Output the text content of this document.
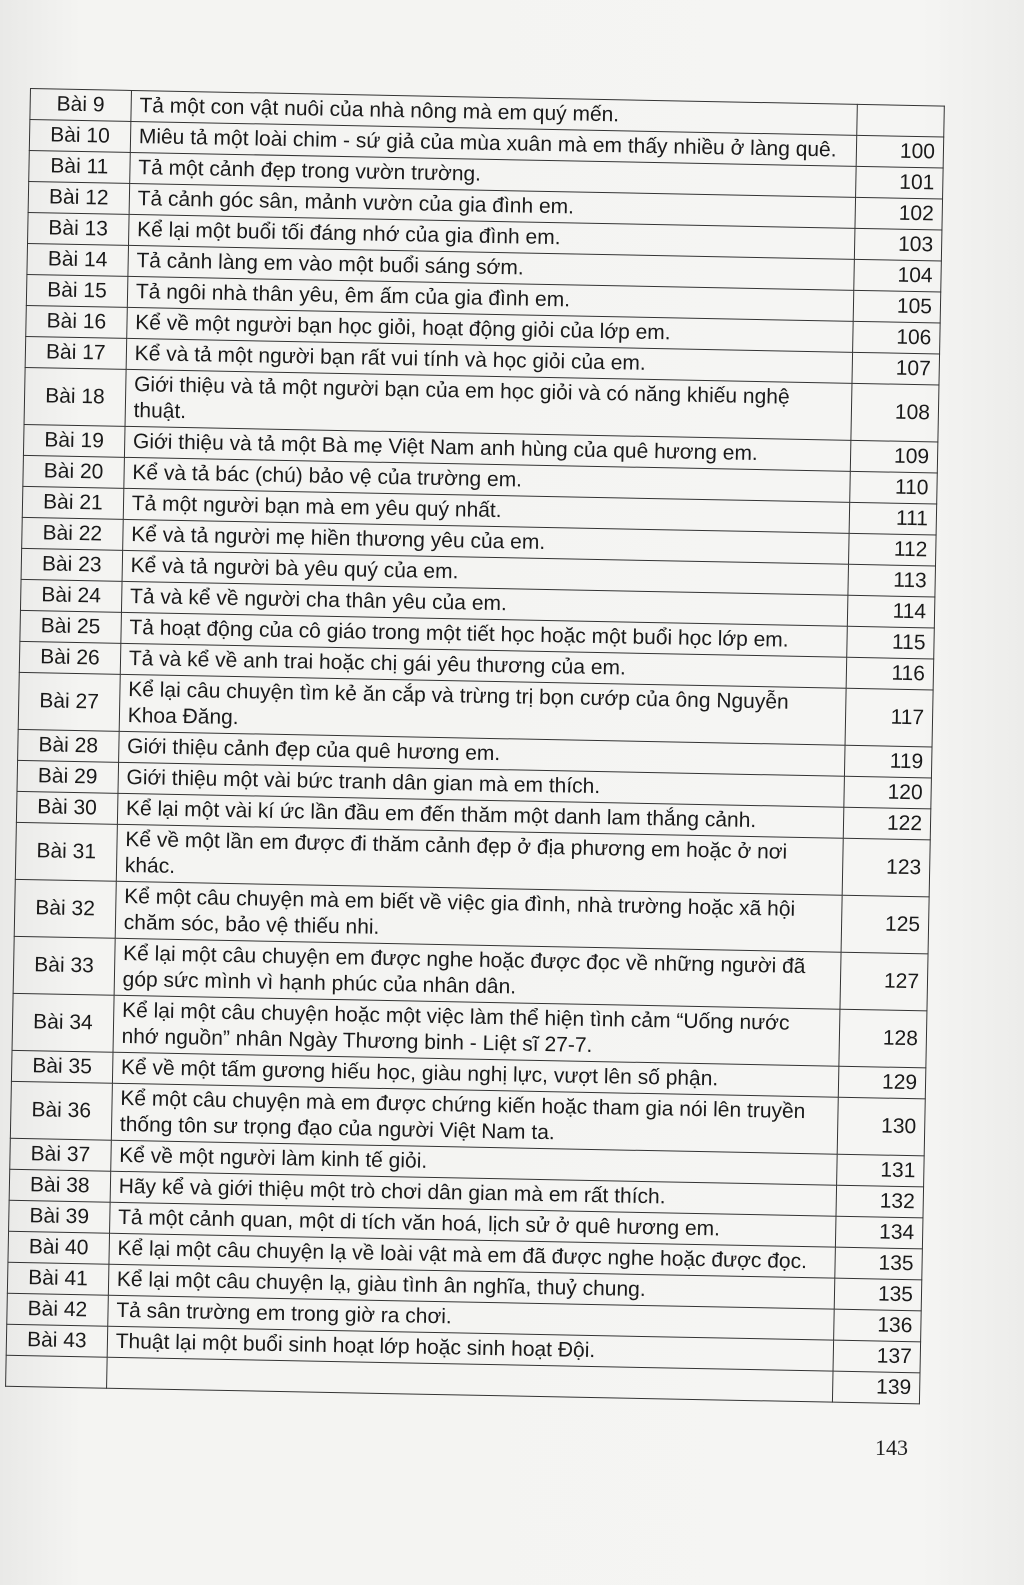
Bài 9	Tả một con vật nuôi của nhà nông mà em quý mến.	
Bài 10	Miêu tả một loài chim - sứ giả của mùa xuân mà em thấy nhiều ở làng quê.	100
Bài 11	Tả một cảnh đẹp trong vườn trường.	101
Bài 12	Tả cảnh góc sân, mảnh vườn của gia đình em.	102
Bài 13	Kể lại một buổi tối đáng nhớ của gia đình em.	103
Bài 14	Tả cảnh làng em vào một buổi sáng sớm.	104
Bài 15	Tả ngôi nhà thân yêu, êm ấm của gia đình em.	105
Bài 16	Kể về một người bạn học giỏi, hoạt động giỏi của lớp em.	106
Bài 17	Kể và tả một người bạn rất vui tính và học giỏi của em.	107
Bài 18	Giới thiệu và tả một người bạn của em học giỏi và có năng khiếu nghệ thuật.	108
Bài 19	Giới thiệu và tả một Bà mẹ Việt Nam anh hùng của quê hương em.	109
Bài 20	Kể và tả bác (chú) bảo vệ của trường em.	110
Bài 21	Tả một người bạn mà em yêu quý nhất.	111
Bài 22	Kể và tả người mẹ hiền thương yêu của em.	112
Bài 23	Kể và tả người bà yêu quý của em.	113
Bài 24	Tả và kể về người cha thân yêu của em.	114
Bài 25	Tả hoạt động của cô giáo trong một tiết học hoặc một buổi học lớp em.	115
Bài 26	Tả và kể về anh trai hoặc chị gái yêu thương của em.	116
Bài 27	Kể lại câu chuyện tìm kẻ ăn cắp và trừng trị bọn cướp của ông Nguyễn Khoa Đăng.	117
Bài 28	Giới thiệu cảnh đẹp của quê hương em.	119
Bài 29	Giới thiệu một vài bức tranh dân gian mà em thích.	120
Bài 30	Kể lại một vài kí ức lần đầu em đến thăm một danh lam thắng cảnh.	122
Bài 31	Kể về một lần em được đi thăm cảnh đẹp ở địa phương em hoặc ở nơi khác.	123
Bài 32	Kể một câu chuyện mà em biết về việc gia đình, nhà trường hoặc xã hội chăm sóc, bảo vệ thiếu nhi.	125
Bài 33	Kể lại một câu chuyện em được nghe hoặc được đọc về những người đã góp sức mình vì hạnh phúc của nhân dân.	127
Bài 34	Kể lại một câu chuyện hoặc một việc làm thể hiện tình cảm “Uống nước nhớ nguồn” nhân Ngày Thương binh - Liệt sĩ 27-7.	128
Bài 35	Kể về một tấm gương hiếu học, giàu nghị lực, vượt lên số phận.	129
Bài 36	Kể một câu chuyện mà em được chứng kiến hoặc tham gia nói lên truyền thống tôn sư trọng đạo của người Việt Nam ta.	130
Bài 37	Kể về một người làm kinh tế giỏi.	131
Bài 38	Hãy kể và giới thiệu một trò chơi dân gian mà em rất thích.	132
Bài 39	Tả một cảnh quan, một di tích văn hoá, lịch sử ở quê hương em.	134
Bài 40	Kể lại một câu chuyện lạ về loài vật mà em đã được nghe hoặc được đọc.	135
Bài 41	Kể lại một câu chuyện lạ, giàu tình ân nghĩa, thuỷ chung.	135
Bài 42	Tả sân trường em trong giờ ra chơi.	136
Bài 43	Thuật lại một buổi sinh hoạt lớp hoặc sinh hoạt Đội.	137
		139
143
